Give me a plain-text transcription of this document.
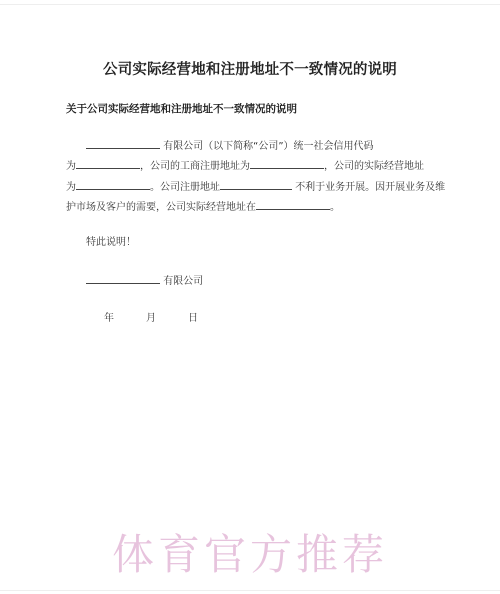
公司实际经营地和注册地址不一致情况的说明
关于公司实际经营地和注册地址不一致情况的说明
有限公司（以下简称“公司”）统一社会信用代码
为	，公司的工商注册地址为	，公司的实际经营地址
为	。公司注册地址	不利于业务开展。因开展业务及维
护市场及客户的需要，公司实际经营地址在	。
特此说明！
有限公司
年	月	日
体育官方推荐
